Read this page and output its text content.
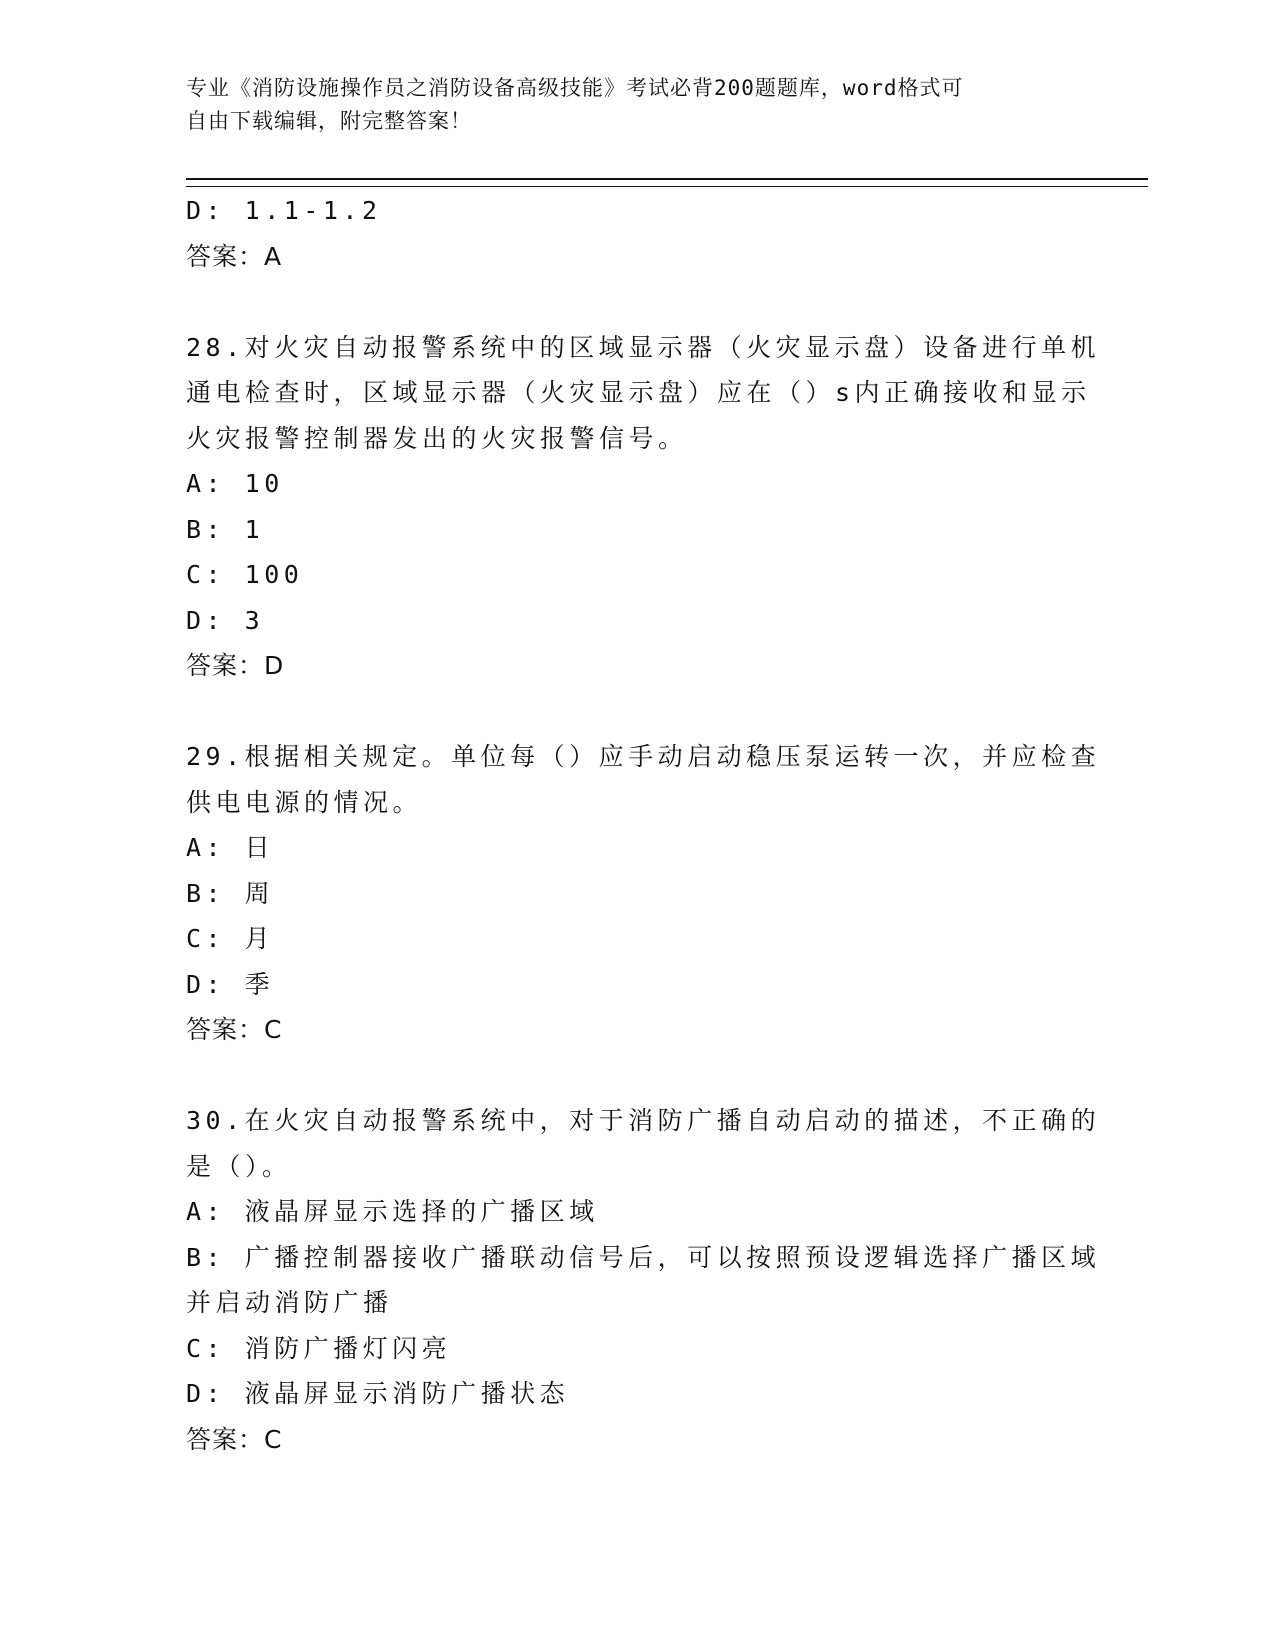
专业《消防设施操作员之消防设备高级技能》考试必背200题题库，word格式可
自由下载编辑，附完整答案！
D: 1.1-1.2
答案：A
28.对火灾自动报警系统中的区域显示器（火灾显示盘）设备进行单机
通电检查时，区域显示器（火灾显示盘）应在（）s内正确接收和显示
火灾报警控制器发出的火灾报警信号。
A: 10
B: 1
C: 100
D: 3
答案：D
29.根据相关规定。单位每（）应手动启动稳压泵运转一次，并应检查
供电电源的情况。
A: 日
B: 周
C: 月
D: 季
答案：C
30.在火灾自动报警系统中，对于消防广播自动启动的描述，不正确的
是（）。
A: 液晶屏显示选择的广播区域
B: 广播控制器接收广播联动信号后，可以按照预设逻辑选择广播区域
并启动消防广播
C: 消防广播灯闪亮
D: 液晶屏显示消防广播状态
答案：C
